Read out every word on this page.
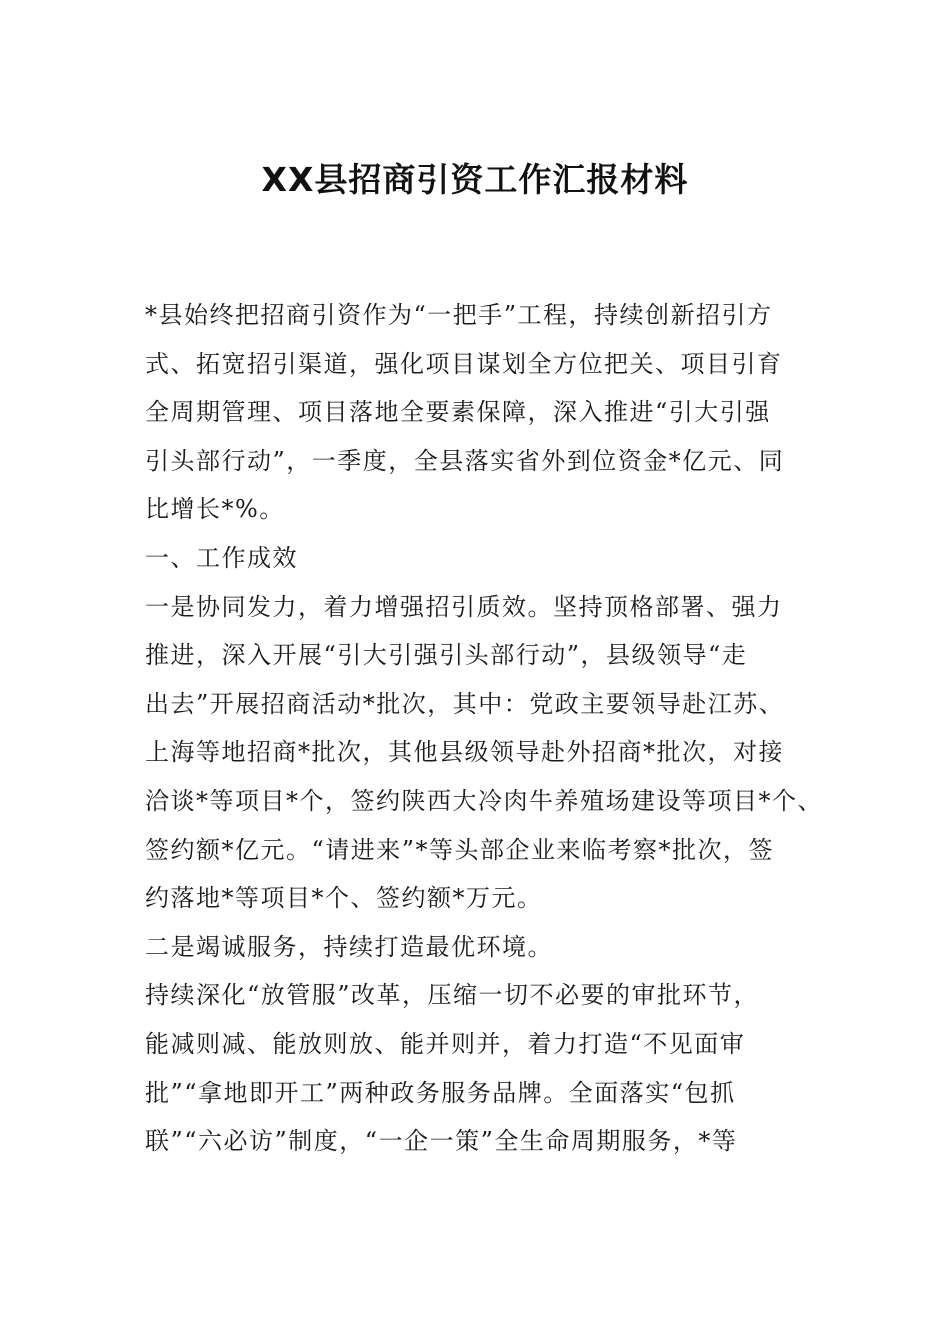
XX县招商引资工作汇报材料

*县始终把招商引资作为“一把手”工程，持续创新招引方
式、拓宽招引渠道，强化项目谋划全方位把关、项目引育
全周期管理、项目落地全要素保障，深入推进“引大引强
引头部行动”，一季度，全县落实省外到位资金*亿元、同
比增长*%。

一、工作成效

一是协同发力，着力增强招引质效。坚持顶格部署、强力
推进，深入开展“引大引强引头部行动”，县级领导“走
出去”开展招商活动*批次，其中：党政主要领导赴江苏、
上海等地招商*批次，其他县级领导赴外招商*批次，对接
洽谈*等项目*个，签约陕西大冷肉牛养殖场建设等项目*个、
签约额*亿元。“请进来”*等头部企业来临考察*批次，签
约落地*等项目*个、签约额*万元。

二是竭诚服务，持续打造最优环境。

持续深化“放管服”改革，压缩一切不必要的审批环节，
能减则减、能放则放、能并则并，着力打造“不见面审
批”“拿地即开工”两种政务服务品牌。全面落实“包抓
联”“六必访”制度，“一企一策”全生命周期服务，*等
